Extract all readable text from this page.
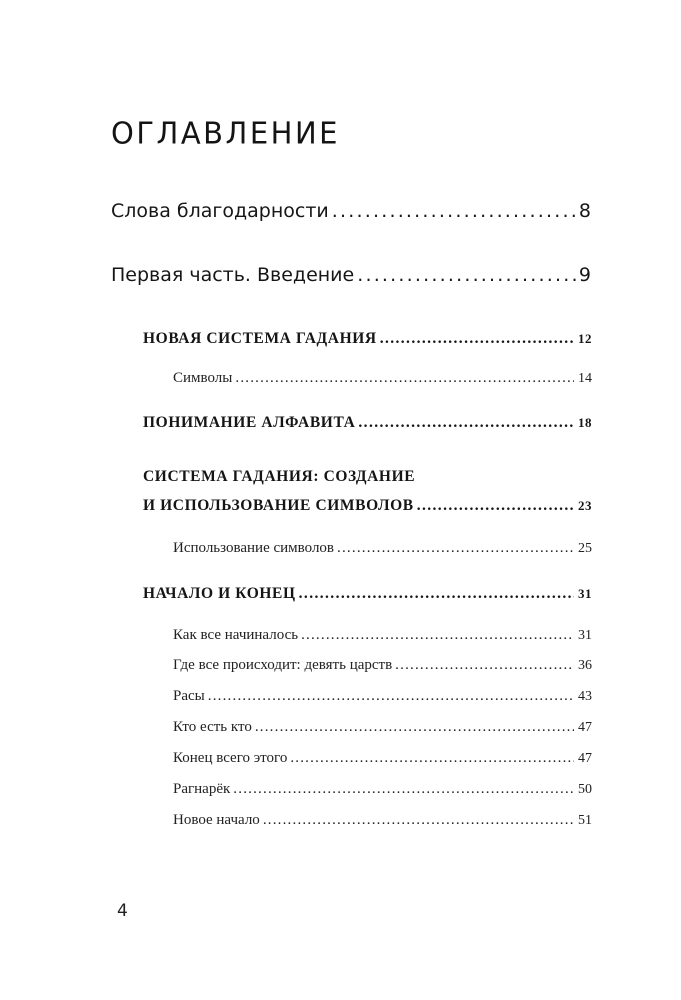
ОГЛАВЛЕНИЕ
Слова благодарности .....	8
Первая часть. Введение .....	9
НОВАЯ СИСТЕМА ГАДАНИЯ .....	12
Символы .....	14
ПОНИМАНИЕ АЛФАВИТА .....	18
СИСТЕМА ГАДАНИЯ: СОЗДАНИЕ
И ИСПОЛЬЗОВАНИЕ СИМВОЛОВ .....	23
Использование символов .....	25
НАЧАЛО И КОНЕЦ .....	31
Как все начиналось .....	31
Где все происходит: девять царств .....	36
Расы .....	43
Кто есть кто .....	47
Конец всего этого .....	47
Рагнарёк .....	50
Новое начало .....	51
4
